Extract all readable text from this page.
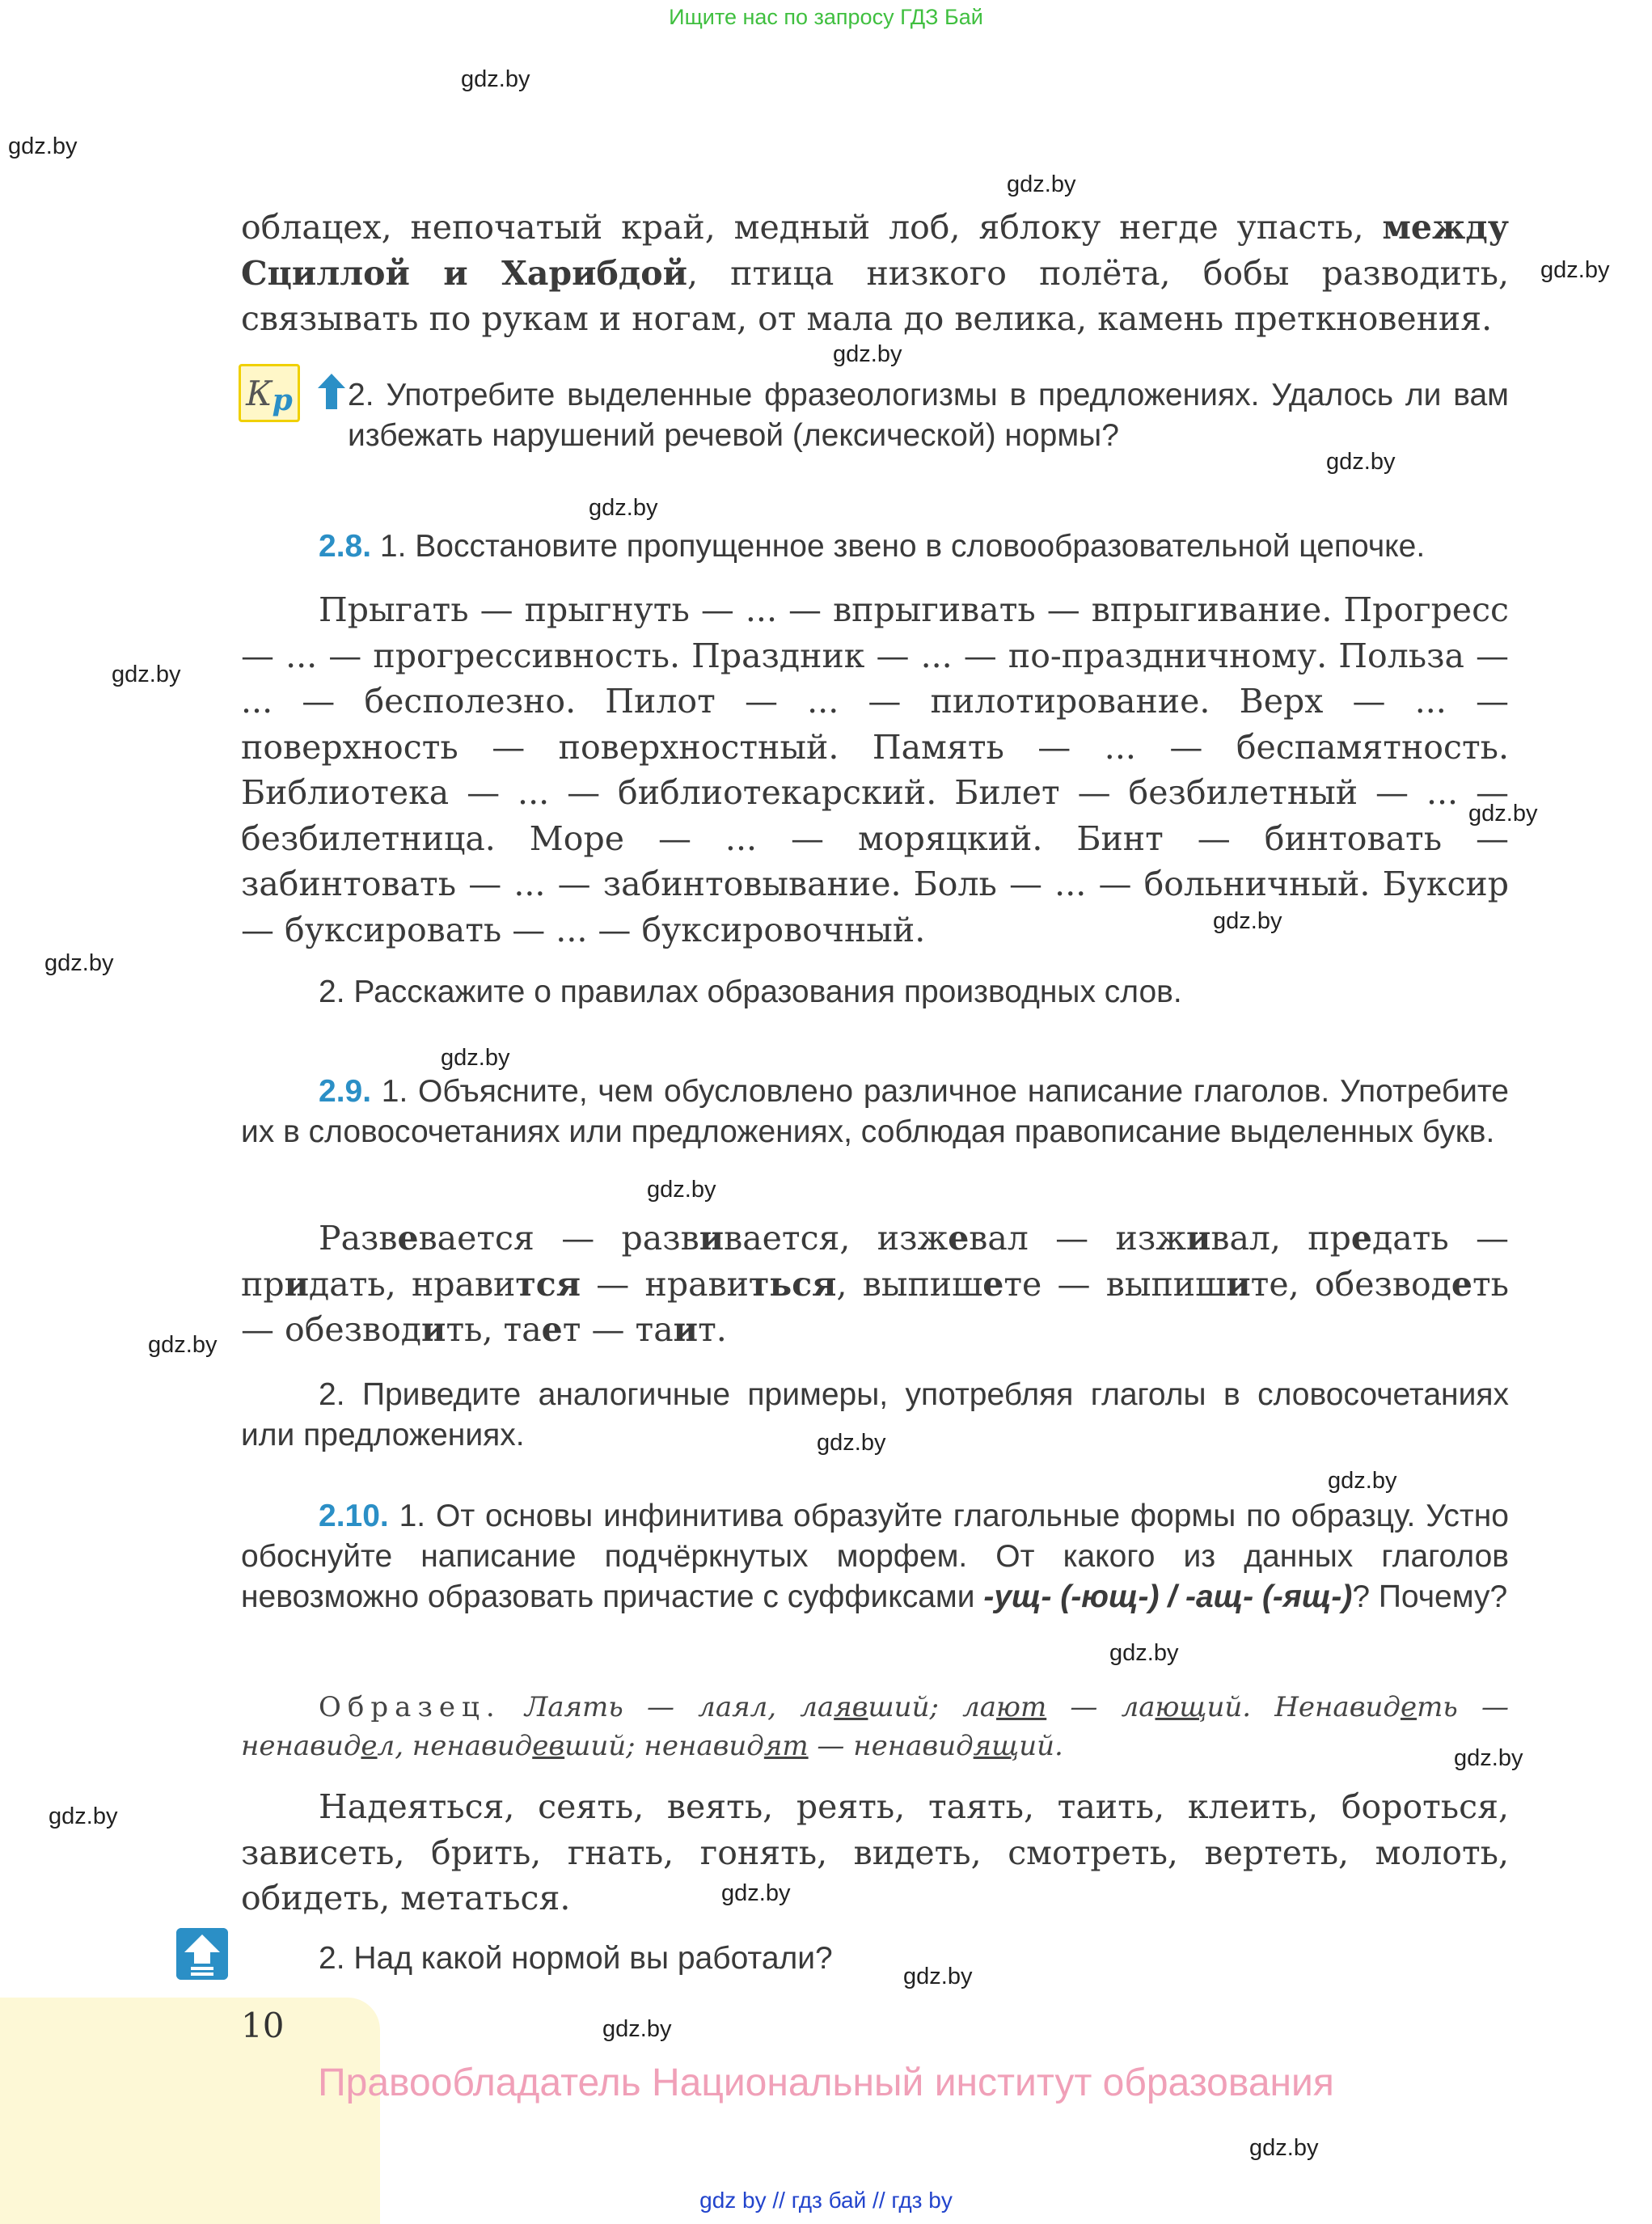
Ищите нас по запросу ГДЗ Бай
gdz.by
gdz.by
gdz.by
gdz.by
gdz.by
gdz.by
gdz.by
gdz.by
gdz.by
gdz.by
gdz.by
gdz.by
gdz.by
gdz.by
gdz.by
gdz.by
gdz.by
gdz.by
gdz.by
gdz.by
gdz.by
gdz.by
gdz.by
облацех, непочатый край, медный лоб, яблоку негде упасть, между Сциллой и Харибдой, птица низкого полёта, бобы разводить, связывать по рукам и ногам, от мала до велика, камень преткновения.
К р 2. Употребите выделенные фразеологизмы в предложениях. Удалось ли вам избежать нарушений речевой (лексической) нормы?
2.8. 1. Восстановите пропущенное звено в словообразовательной цепочке.
Прыгать — прыгнуть — ... — впрыгивать — впрыгивание. Прогресс — ... — прогрессивность. Праздник — ... — по-праздничному. Польза — ... — бесполезно. Пилот — ... — пилотирование. Верх — ... — поверхность — поверхностный. Память — ... — беспамятность. Библиотека — ... — библиотекарский. Билет — безбилетный — ... — безбилетница. Море — ... — моряцкий. Бинт — бинтовать — забинтовать — ... — забинтовывание. Боль — ... — больничный. Буксир — буксировать — ... — буксировочный.
2. Расскажите о правилах образования производных слов.
2.9. 1. Объясните, чем обусловлено различное написание глаголов. Употребите их в словосочетаниях или предложениях, соблюдая правописание выделенных букв.
Развевается — развивается, изжевал — изживал, предать — придать, нравится — нравиться, выпишете — выпишите, обезводеть — обезводить, тает — таит.
2. Приведите аналогичные примеры, употребляя глаголы в словосочетаниях или предложениях.
2.10. 1. От основы инфинитива образуйте глагольные формы по образцу. Устно обоснуйте написание подчёркнутых морфем. От какого из данных глаголов невозможно образовать причастие с суффиксами -ущ- (-ющ-) / -ащ- (-ящ-)? Почему?
Образец. Лаять — лаял, лаявший; лают — лающий. Ненавидеть — ненавидел, ненавидевший; ненавидят — ненавидящий.
Надеяться, сеять, веять, реять, таять, таить, клеить, бороться, зависеть, брить, гнать, гонять, видеть, смотреть, вертеть, молоть, обидеть, метаться.
2. Над какой нормой вы работали?
10
Правообладатель Национальный институт образования
gdz by // гдз бай // гдз by
